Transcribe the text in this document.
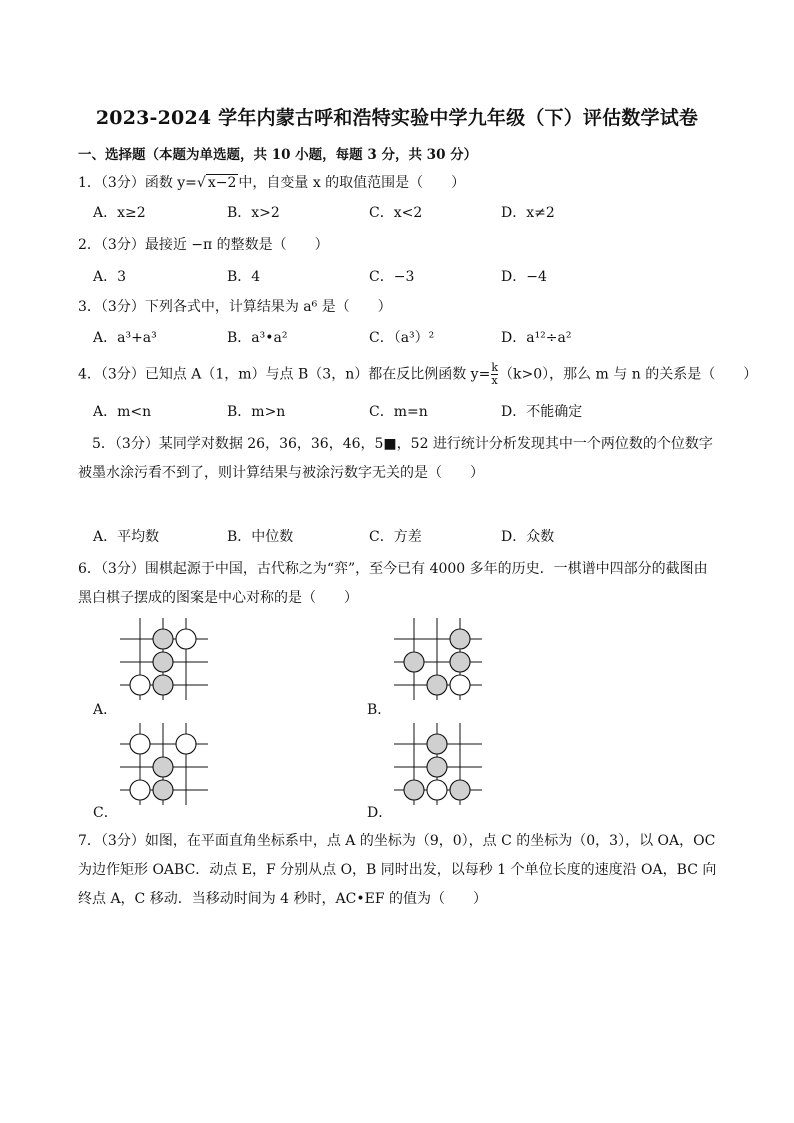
2023-2024 学年内蒙古呼和浩特实验中学九年级（下）评估数学试卷
一、选择题（本题为单选题，共 10 小题，每题 3 分，共 30 分）
1．（3分）函数 y=√ x−2 中，自变量 x 的取值范围是（　　）
A．x≥2	B．x>2	C．x<2	D．x≠2
2．（3分）最接近 −π 的整数是（　　）
A．3	B．4	C．−3	D．−4
3．（3分）下列各式中，计算结果为 a⁶ 是（　　）
A．a³+a³	B．a³•a²	C．（a³）²	D．a¹²÷a²
4．（3分）已知点 A（1，m）与点 B（3，n）都在反比例函数 $y= \frac{k}{x} (k>0)$，那么 m 与 n 的关系是（　　）
A．m<n	B．m>n	C．m=n	D．不能确定
5．（3分）某同学对数据 26，36，36，46，5■，52 进行统计分析发现其中一个两位数的个位数字被墨水涂污看不到了，则计算结果与被涂污数字无关的是（　　）
A．平均数	B．中位数	C．方差	D．众数
6．（3分）围棋起源于中国，古代称之为“弈”，至今已有 4000 多年的历史．一棋谱中四部分的截图由黑白棋子摆成的图案是中心对称的是（　　）
A．	B．
C．	D．
7．（3分）如图，在平面直角坐标系中，点 A 的坐标为（9，0），点 C 的坐标为（0，3），以 OA，OC 为边作矩形 OABC．动点 E，F 分别从点 O，B 同时出发，以每秒 1 个单位长度的速度沿 OA，BC 向终点 A，C 移动．当移动时间为 4 秒时，AC•EF 的值为（　　）
